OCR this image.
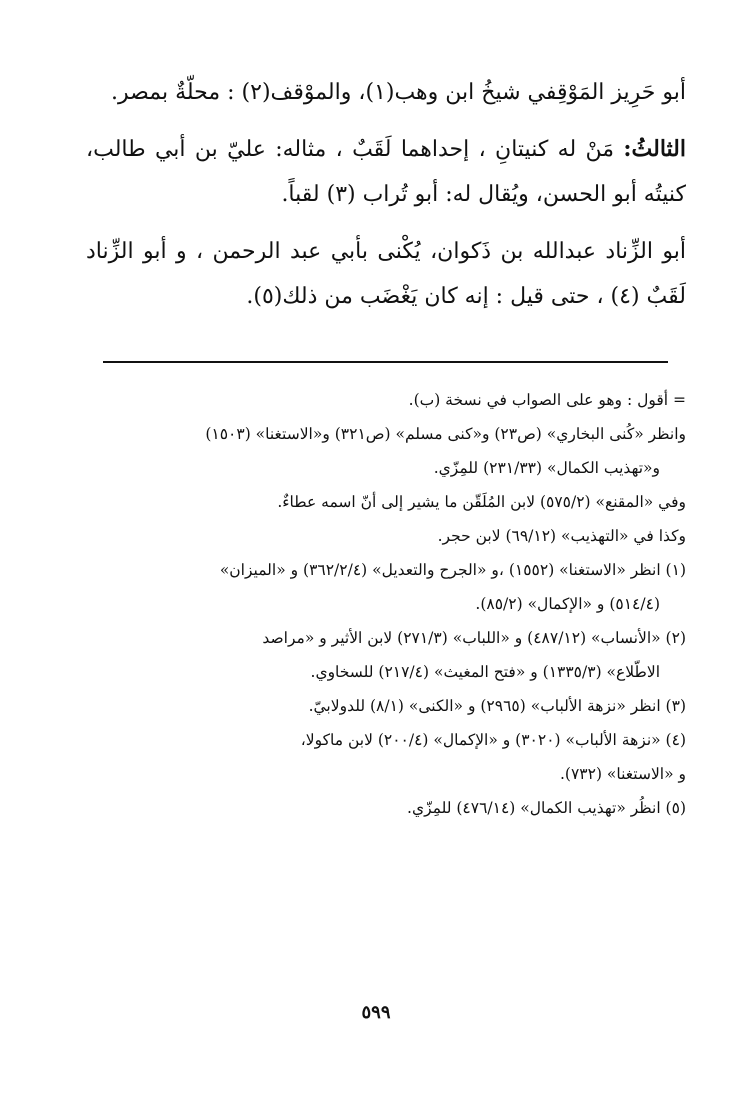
أبو حَرِيز المَوْقِفي شيخُ ابن وهب(١)، والموْقف(٢) : محلّةٌ بمصر.

الثالثُ: مَنْ له كنيتانِ ، إحداهما لَقَبٌ ، مثاله: عليّ بن أبي طالب، كنيتُه أبو الحسن، ويُقال له: أبو تُراب (٣) لقباً.

أبو الزِّناد عبدالله بن ذَكوان، يُكْنى بأبي عبد الرحمن ، و أبو الزِّناد لَقَبٌ (٤) ، حتى قيل : إنه كان يَغْضَب من ذلك(٥).

= أقول : وهو على الصواب في نسخة (ب).

وانظر «كُنى البخاري» (ص٢٣) و«كنى مسلم» (ص٣٢١) و«الاستغنا» (١٥٠٣)

و«تهذيب الكمال» (٢٣١/٣٣) للمِزّي.

وفي «المقنع» (٥٧٥/٢) لابن المُلَقّن ما يشير إلى أنّ اسمه عطاءٌ.

وكذا في «التهذيب» (٦٩/١٢) لابن حجر.

(١) انظر «الاستغنا» (١٥٥٢) ،و «الجرح والتعديل» (٣٦٢/٢/٤) و «الميزان»

(٥١٤/٤) و «الإكمال» (٨٥/٢).

(٢) «الأنساب» (٤٨٧/١٢) و «اللباب» (٢٧١/٣) لابن الأثير و «مراصد

الاطّلاع» (١٣٣٥/٣) و «فتح المغيث» (٢١٧/٤) للسخاوي.

(٣) انظر «نزهة الألباب» (٢٩٦٥) و «الكنى» (٨/١) للدولابيّ.

(٤) «نزهة الألباب» (٣٠٢٠) و «الإكمال» (٢٠٠/٤) لابن ماكولا،

و «الاستغنا» (٧٣٢).

(٥) انظُر «تهذيب الكمال» (٤٧٦/١٤) للمِزّي.

٥٩٩
